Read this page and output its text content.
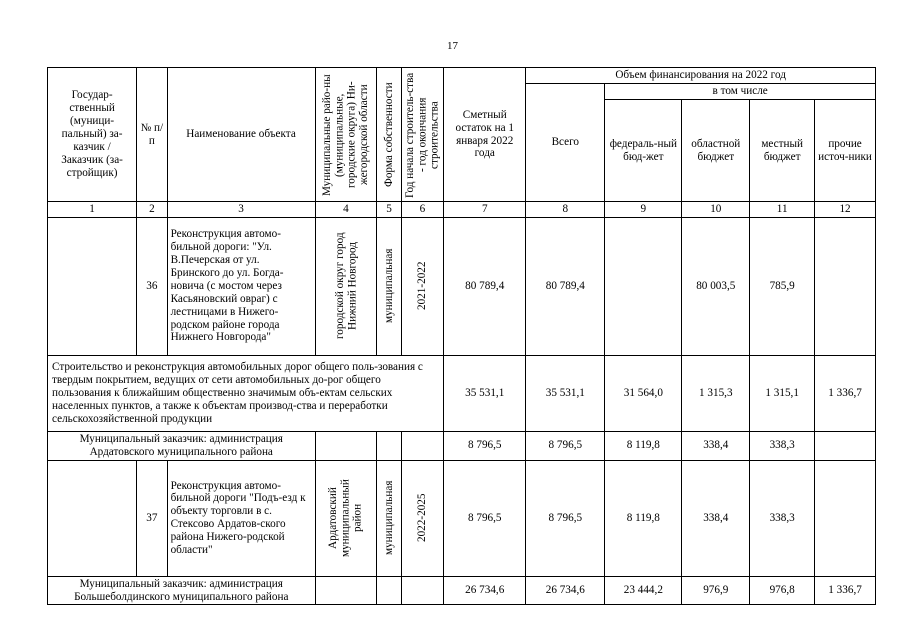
17
Государ-ственный (муници-пальный) за-казчик / Заказчик (за-стройщик)	№ п/п	Наименование объекта	Муниципальные райо-ны (муниципальные, городские округа) Ни-жегородской области	Форма собственности	Год начала строитель-ства - год окончания строительства	Сметный остаток на 1 января 2022 года	Объем финансирования на 2022 год				
							Всего	в том числе			
								федераль-ный бюд-жет	областной бюджет	местный бюджет	прочие источ-ники
1	2	3	4	5	6	7	8	9	10	11	12
	36	Реконструкция автомо-бильной дороги: "Ул. В.Печерская от ул. Бринского до ул. Богда-новича (с мостом через Касьяновский овраг) с лестницами в Нижего-родском районе города Нижнего Новгорода"	городской округ город Нижний Новгород	муниципальная	2021-2022	80 789,4	80 789,4		80 003,5	785,9	
Строительство и реконструкция автомобильных дорог общего поль-зования с твердым покрытием, ведущих от сети автомобильных до-рог общего пользования к ближайшим общественно значимым объ-ектам сельских населенных пунктов, а также к объектам производ-ства и переработки сельскохозяйственной продукции						35 531,1	35 531,1	31 564,0	1 315,3	1 315,1	1 336,7
Муниципальный заказчик: администрация Ардатовского муниципального района						8 796,5	8 796,5	8 119,8	338,4	338,3	
	37	Реконструкция автомо-бильной дороги "Подъ-езд к объекту торговли в с. Стексово Ардатов-ского района Нижего-родской области"	Ардатовский муниципальный район	муниципальная	2022-2025	8 796,5	8 796,5	8 119,8	338,4	338,3	
Муниципальный заказчик: администрация Большеболдинского муниципального района						26 734,6	26 734,6	23 444,2	976,9	976,8	1 336,7
